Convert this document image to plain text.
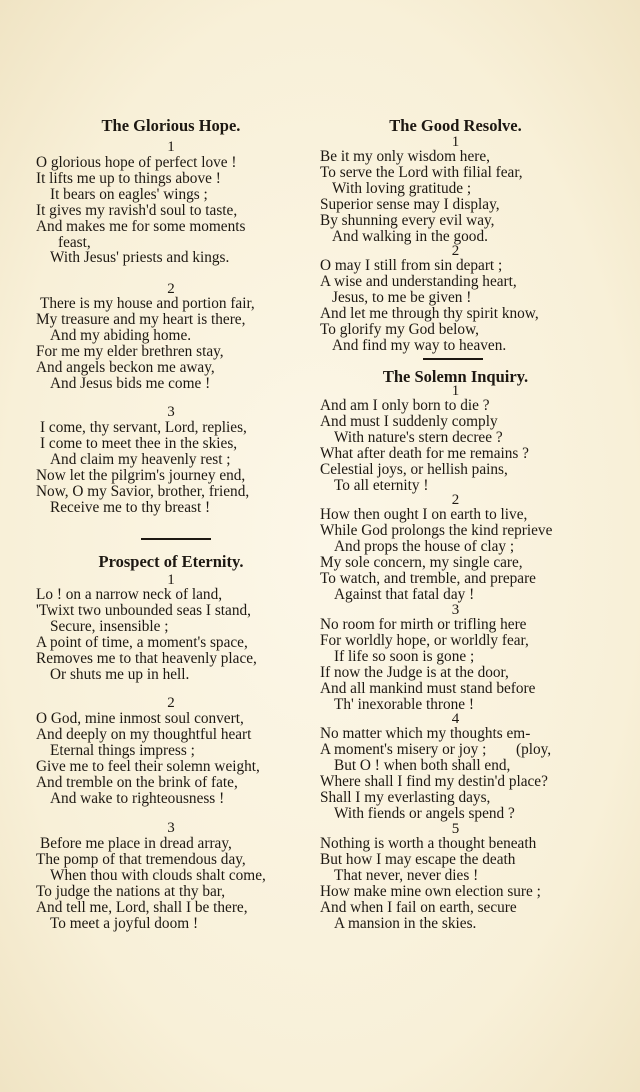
The Glorious Hope.
1
O glorious hope of perfect love !
It lifts me up to things above !
It bears on eagles' wings ;
It gives my ravish'd soul to taste,
And makes me for some moments
feast,
With Jesus' priests and kings.
2
There is my house and portion fair,
My treasure and my heart is there,
And my abiding home.
For me my elder brethren stay,
And angels beckon me away,
And Jesus bids me come !
3
I come, thy servant, Lord, replies,
I come to meet thee in the skies,
And claim my heavenly rest ;
Now let the pilgrim's journey end,
Now, O my Savior, brother, friend,
Receive me to thy breast !
Prospect of Eternity.
1
Lo ! on a narrow neck of land,
'Twixt two unbounded seas I stand,
Secure, insensible ;
A point of time, a moment's space,
Removes me to that heavenly place,
Or shuts me up in hell.
2
O God, mine inmost soul convert,
And deeply on my thoughtful heart
Eternal things impress ;
Give me to feel their solemn weight,
And tremble on the brink of fate,
And wake to righteousness !
3
Before me place in dread array,
The pomp of that tremendous day,
When thou with clouds shalt come,
To judge the nations at thy bar,
And tell me, Lord, shall I be there,
To meet a joyful doom !
The Good Resolve.
1
Be it my only wisdom here,
To serve the Lord with filial fear,
With loving gratitude ;
Superior sense may I display,
By shunning every evil way,
And walking in the good.
2
O may I still from sin depart ;
A wise and understanding heart,
Jesus, to me be given !
And let me through thy spirit know,
To glorify my God below,
And find my way to heaven.
The Solemn Inquiry.
1
And am I only born to die ?
And must I suddenly comply
With nature's stern decree ?
What after death for me remains ?
Celestial joys, or hellish pains,
To all eternity !
2
How then ought I on earth to live,
While God prolongs the kind reprieve
And props the house of clay ;
My sole concern, my single care,
To watch, and tremble, and prepare
Against that fatal day !
3
No room for mirth or trifling here
For worldly hope, or worldly fear,
If life so soon is gone ;
If now the Judge is at the door,
And all mankind must stand before
Th' inexorable throne !
4
No matter which my thoughts em-
A moment's misery or joy ; (ploy,
But O ! when both shall end,
Where shall I find my destin'd place?
Shall I my everlasting days,
With fiends or angels spend ?
5
Nothing is worth a thought beneath
But how I may escape the death
That never, never dies !
How make mine own election sure ;
And when I fail on earth, secure
A mansion in the skies.
